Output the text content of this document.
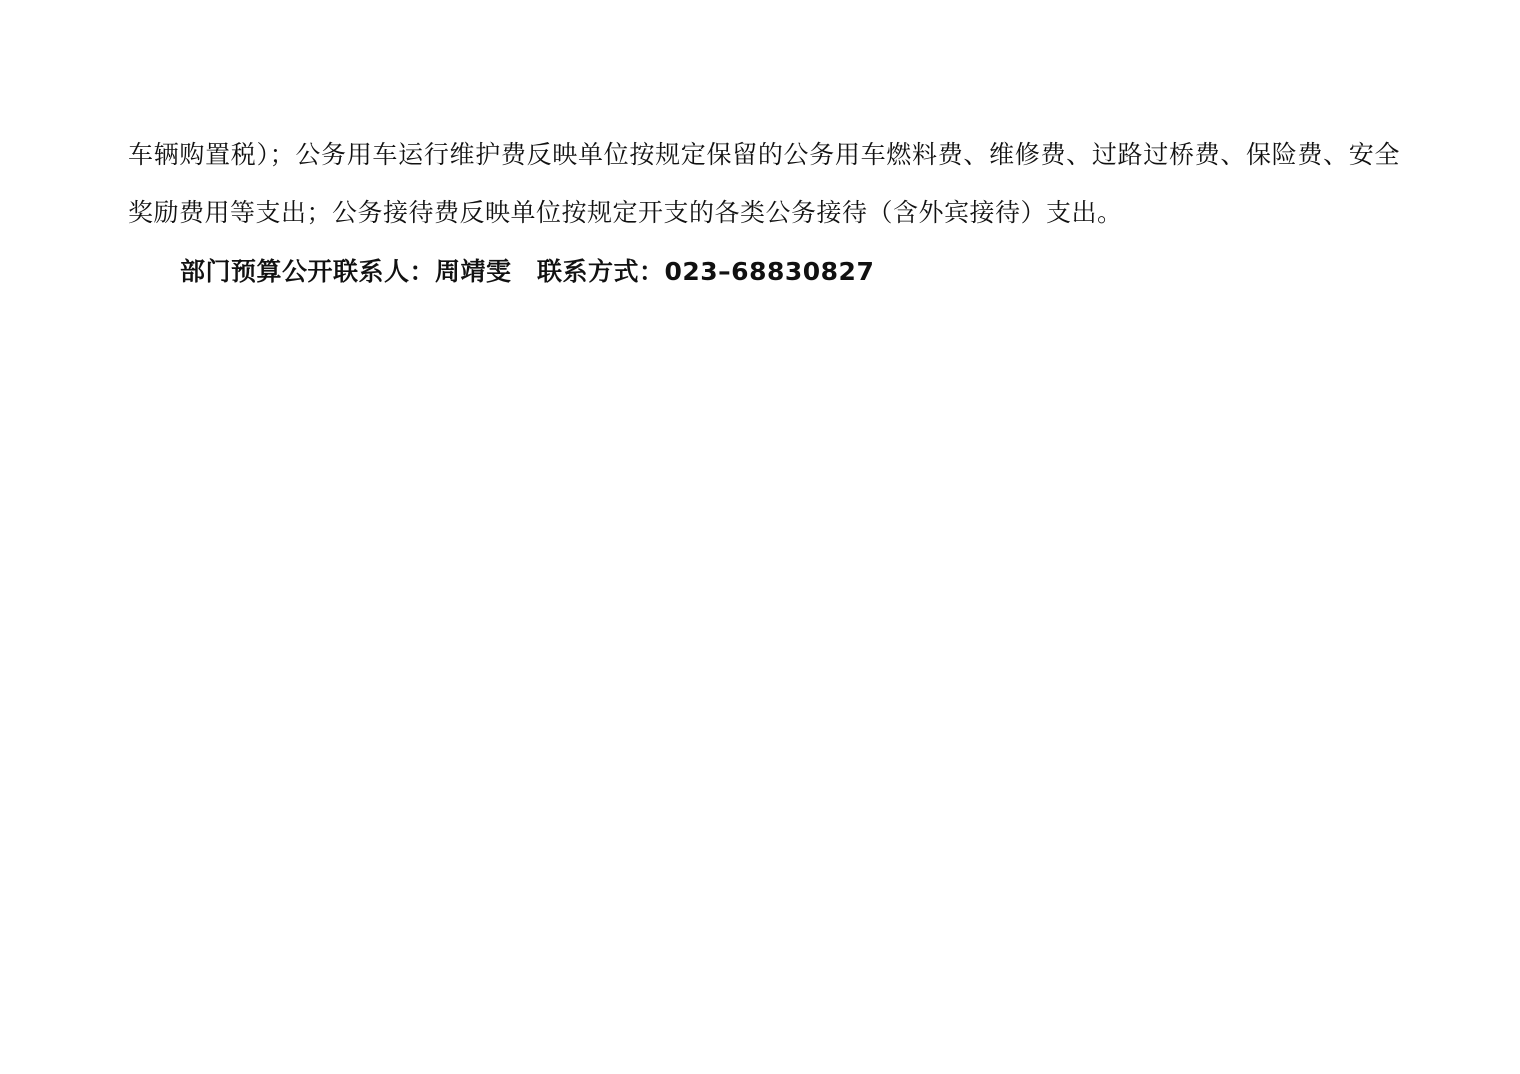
车辆购置税）；公务用车运行维护费反映单位按规定保留的公务用车燃料费、维修费、过路过桥费、保险费、安全奖励费用等支出；公务接待费反映单位按规定开支的各类公务接待（含外宾接待）支出。

部门预算公开联系人：周靖雯　联系方式：023–68830827
